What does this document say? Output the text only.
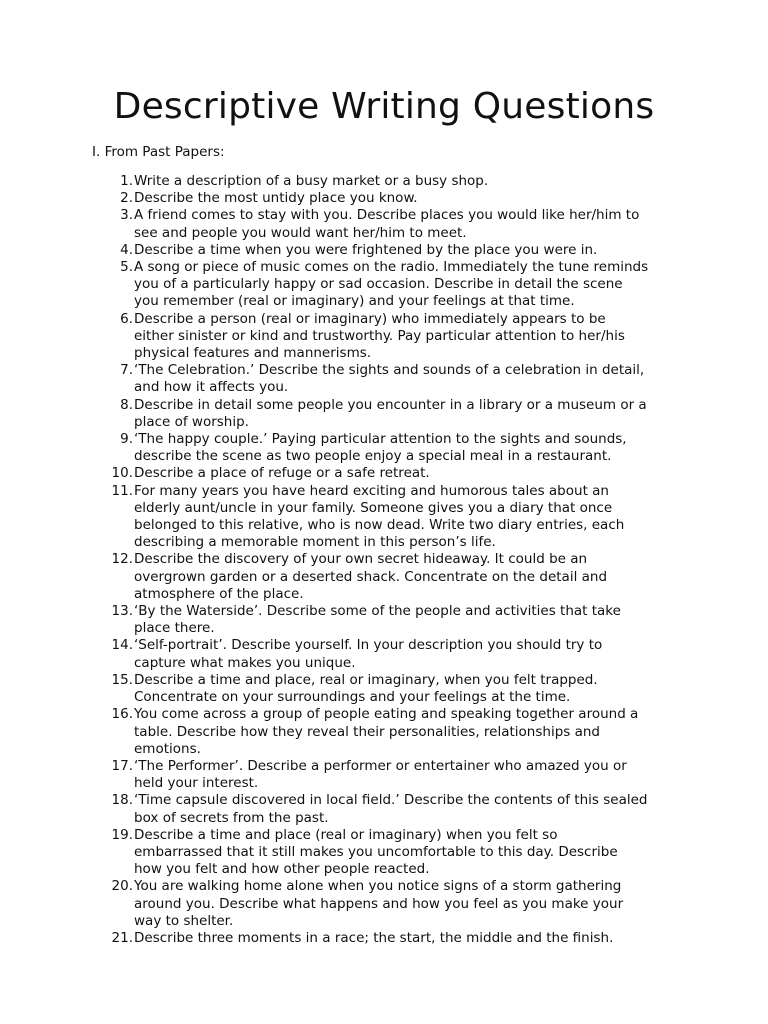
Descriptive Writing Questions

I. From Past Papers:

1. Write a description of a busy market or a busy shop.
2. Describe the most untidy place you know.
3. A friend comes to stay with you. Describe places you would like her/him to
see and people you would want her/him to meet.
4. Describe a time when you were frightened by the place you were in.
5. A song or piece of music comes on the radio. Immediately the tune reminds
you of a particularly happy or sad occasion. Describe in detail the scene
you remember (real or imaginary) and your feelings at that time.
6. Describe a person (real or imaginary) who immediately appears to be
either sinister or kind and trustworthy. Pay particular attention to her/his
physical features and mannerisms.
7. ‘The Celebration.’ Describe the sights and sounds of a celebration in detail,
and how it affects you.
8. Describe in detail some people you encounter in a library or a museum or a
place of worship.
9. ‘The happy couple.’ Paying particular attention to the sights and sounds,
describe the scene as two people enjoy a special meal in a restaurant.
10. Describe a place of refuge or a safe retreat.
11. For many years you have heard exciting and humorous tales about an
elderly aunt/uncle in your family. Someone gives you a diary that once
belonged to this relative, who is now dead. Write two diary entries, each
describing a memorable moment in this person’s life.
12. Describe the discovery of your own secret hideaway. It could be an
overgrown garden or a deserted shack. Concentrate on the detail and
atmosphere of the place.
13. ‘By the Waterside’. Describe some of the people and activities that take
place there.
14. ‘Self-portrait’. Describe yourself. In your description you should try to
capture what makes you unique.
15. Describe a time and place, real or imaginary, when you felt trapped.
Concentrate on your surroundings and your feelings at the time.
16. You come across a group of people eating and speaking together around a
table. Describe how they reveal their personalities, relationships and
emotions.
17. ‘The Performer’. Describe a performer or entertainer who amazed you or
held your interest.
18. ‘Time capsule discovered in local field.’ Describe the contents of this sealed
box of secrets from the past.
19. Describe a time and place (real or imaginary) when you felt so
embarrassed that it still makes you uncomfortable to this day. Describe
how you felt and how other people reacted.
20. You are walking home alone when you notice signs of a storm gathering
around you. Describe what happens and how you feel as you make your
way to shelter.
21. Describe three moments in a race; the start, the middle and the finish.
